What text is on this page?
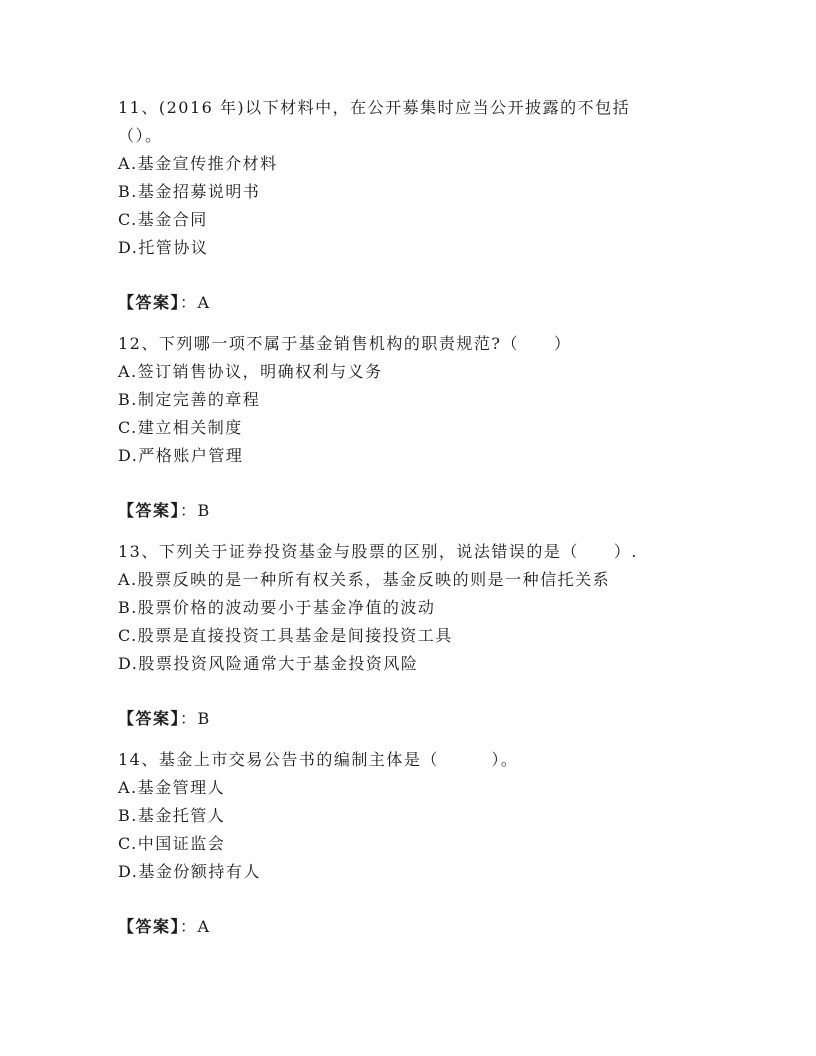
11、(2016 年)以下材料中，在公开募集时应当公开披露的不包括
（）。
A.基金宣传推介材料
B.基金招募说明书
C.基金合同
D.托管协议
【答案】：A
12、下列哪一项不属于基金销售机构的职责规范?（　　）
A.签订销售协议，明确权利与义务
B.制定完善的章程
C.建立相关制度
D.严格账户管理
【答案】：B
13、下列关于证券投资基金与股票的区别，说法错误的是（　　）.
A.股票反映的是一种所有权关系，基金反映的则是一种信托关系
B.股票价格的波动要小于基金净值的波动
C.股票是直接投资工具基金是间接投资工具
D.股票投资风险通常大于基金投资风险
【答案】：B
14、基金上市交易公告书的编制主体是（　　　）。
A.基金管理人
B.基金托管人
C.中国证监会
D.基金份额持有人
【答案】：A
